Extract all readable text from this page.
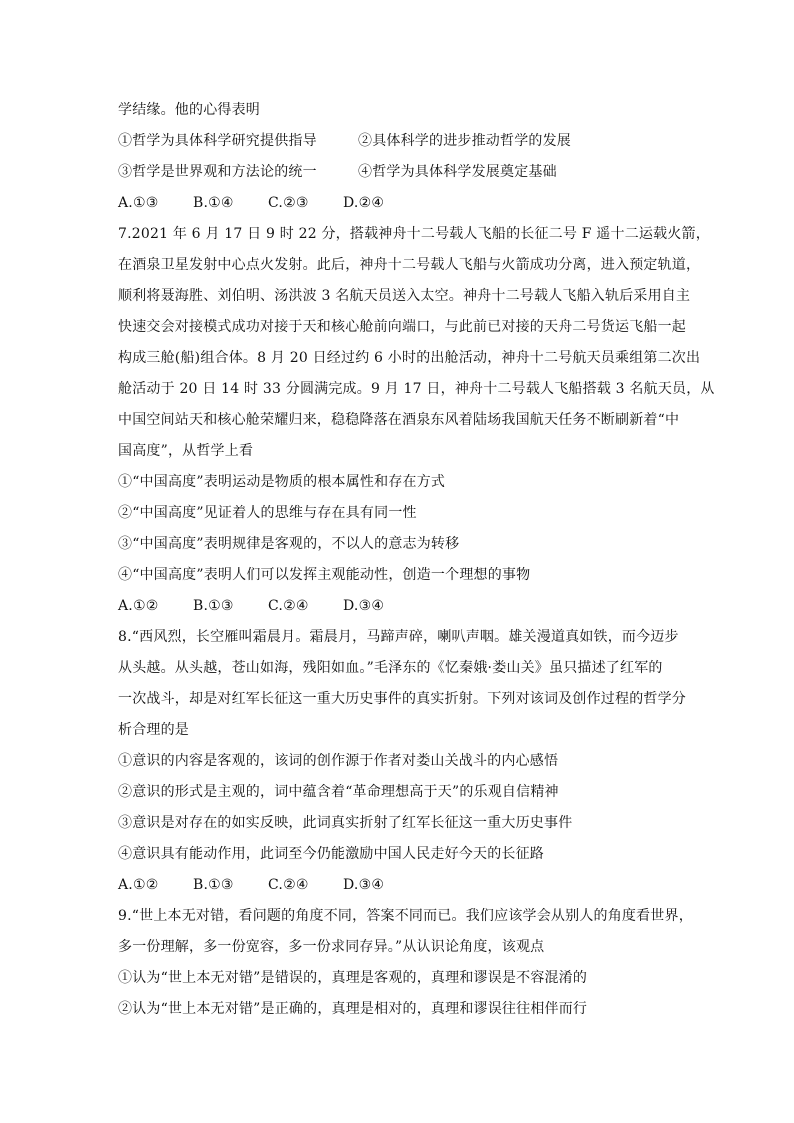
学结缘。他的心得表明

①哲学为具体科学研究提供指导	②具体科学的进步推动哲学的发展

③哲学是世界观和方法论的统一	④哲学为具体科学发展奠定基础

A.①③	B.①④	C.②③	D.②④

7.2021 年 6 月 17 日 9 时 22 分，搭载神舟十二号载人飞船的长征二号 F 遥十二运载火箭，

在酒泉卫星发射中心点火发射。此后，神舟十二号载人飞船与火箭成功分离，进入预定轨道，

顺利将聂海胜、刘伯明、汤洪波 3 名航天员送入太空。神舟十二号载人飞船入轨后采用自主

快速交会对接模式成功对接于天和核心舱前向端口，与此前已对接的天舟二号货运飞船一起

构成三舱(船)组合体。8 月 20 日经过约 6 小时的出舱活动，神舟十二号航天员乘组第二次出

舱活动于 20 日 14 时 33 分圆满完成。9 月 17 日，神舟十二号载人飞船搭载 3 名航天员，从

中国空间站天和核心舱荣耀归来，稳稳降落在酒泉东风着陆场我国航天任务不断刷新着“中

国高度”，从哲学上看

①“中国高度”表明运动是物质的根本属性和存在方式

②“中国高度”见证着人的思维与存在具有同一性

③“中国高度”表明规律是客观的，不以人的意志为转移

④“中国高度”表明人们可以发挥主观能动性，创造一个理想的事物

A.①②	B.①③	C.②④	D.③④

8.“西风烈，长空雁叫霜晨月。霜晨月，马蹄声碎，喇叭声咽。雄关漫道真如铁，而今迈步

从头越。从头越，苍山如海，残阳如血。”毛泽东的《忆秦娥·娄山关》虽只描述了红军的

一次战斗，却是对红军长征这一重大历史事件的真实折射。下列对该词及创作过程的哲学分

析合理的是

①意识的内容是客观的，该词的创作源于作者对娄山关战斗的内心感悟

②意识的形式是主观的，词中蕴含着“革命理想高于天”的乐观自信精神

③意识是对存在的如实反映，此词真实折射了红军长征这一重大历史事件

④意识具有能动作用，此词至今仍能激励中国人民走好今天的长征路

A.①②	B.①③	C.②④	D.③④

9.“世上本无对错，看问题的角度不同，答案不同而已。我们应该学会从别人的角度看世界，

多一份理解，多一份宽容，多一份求同存异。”从认识论角度，该观点

①认为“世上本无对错”是错误的，真理是客观的，真理和谬误是不容混淆的

②认为“世上本无对错”是正确的，真理是相对的，真理和谬误往往相伴而行
